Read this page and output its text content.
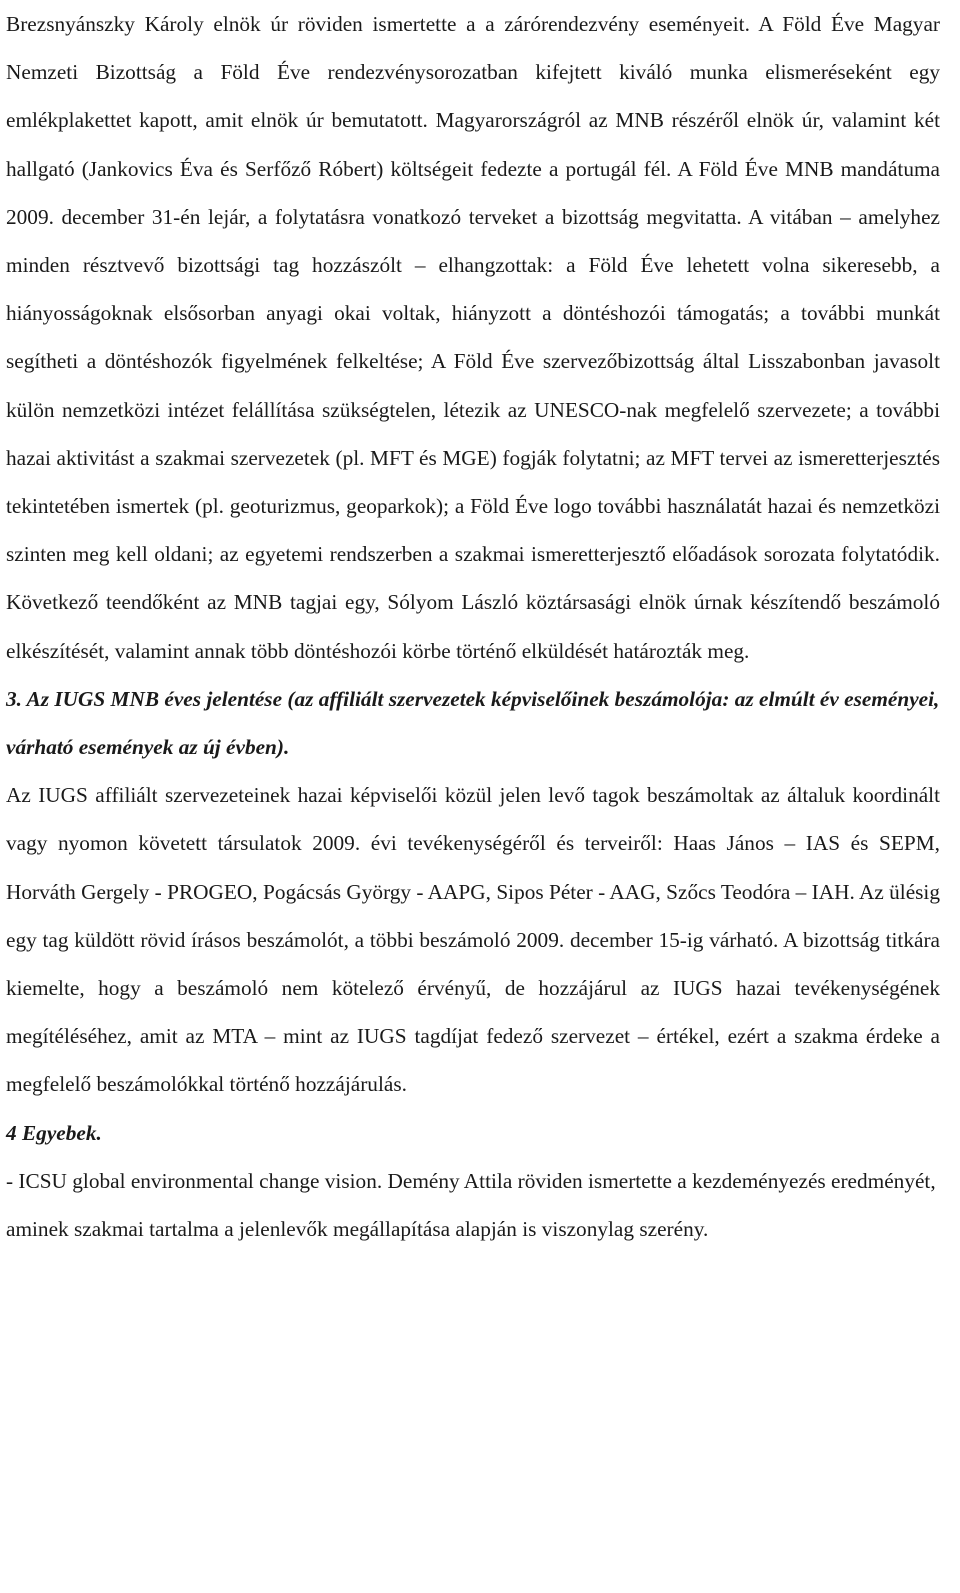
Brezsnyánszky Károly elnök úr röviden ismertette a a zárórendezvény eseményeit. A Föld Éve Magyar Nemzeti Bizottság a Föld Éve rendezvénysorozatban kifejtett kiváló munka elismeréseként egy emlékplakettet kapott, amit elnök úr bemutatott. Magyarországról az MNB részéről elnök úr, valamint két hallgató (Jankovics Éva és Serfőző Róbert) költségeit fedezte a portugál fél. A Föld Éve MNB mandátuma 2009. december 31-én lejár, a folytatásra vonatkozó terveket a bizottság megvitatta. A vitában – amelyhez minden résztvevő bizottsági tag hozzászólt – elhangzottak: a Föld Éve lehetett volna sikeresebb, a hiányosságoknak elsősorban anyagi okai voltak, hiányzott a döntéshozói támogatás; a további munkát segítheti a döntéshozók figyelmének felkeltése; A Föld Éve szervezőbizottság által Lisszabonban javasolt külön nemzetközi intézet felállítása szükségtelen, létezik az UNESCO-nak megfelelő szervezete; a további hazai aktivitást a szakmai szervezetek (pl. MFT és MGE) fogják folytatni; az MFT tervei az ismeretterjesztés tekintetében ismertek (pl. geoturizmus, geoparkok); a Föld Éve logo további használatát hazai és nemzetközi szinten meg kell oldani; az egyetemi rendszerben a szakmai ismeretterjesztő előadások sorozata folytatódik. Következő teendőként az MNB tagjai egy, Sólyom László köztársasági elnök úrnak készítendő beszámoló elkészítését, valamint annak több döntéshozói körbe történő elküldését határozták meg.

3. Az IUGS MNB éves jelentése (az affiliált szervezetek képviselőinek beszámolója: az elmúlt év eseményei, várható események az új évben).

Az IUGS affiliált szervezeteinek hazai képviselői közül jelen levő tagok beszámoltak az általuk koordinált vagy nyomon követett társulatok 2009. évi tevékenységéről és terveiről: Haas János – IAS és SEPM, Horváth Gergely - PROGEO, Pogácsás György - AAPG, Sipos Péter - AAG, Szőcs Teodóra – IAH. Az ülésig egy tag küldött rövid írásos beszámolót, a többi beszámoló 2009. december 15-ig várható. A bizottság titkára kiemelte, hogy a beszámoló nem kötelező érvényű, de hozzájárul az IUGS hazai tevékenységének megítéléséhez, amit az MTA – mint az IUGS tagdíjat fedező szervezet – értékel, ezért a szakma érdeke a megfelelő beszámolókkal történő hozzájárulás.

4 Egyebek.

- ICSU global environmental change vision. Demény Attila röviden ismertette a kezdeményezés eredményét, aminek szakmai tartalma a jelenlevők megállapítása alapján is viszonylag szerény.
